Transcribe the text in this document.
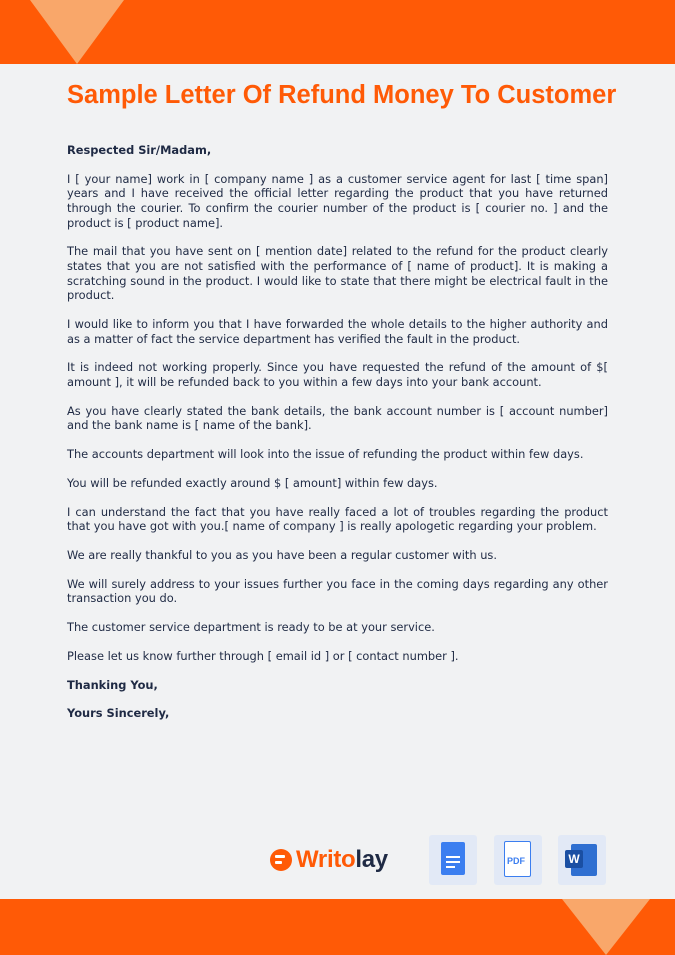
Sample Letter Of Refund Money To Customer

Respected Sir/Madam,

I [ your name] work in [ company name ] as a customer service agent for last [ time span] years and I have received the official letter regarding the product that you have returned through the courier. To confirm the courier number of the product is [ courier no. ] and the product is [ product name].

The mail that you have sent on [ mention date] related to the refund for the product clearly states that you are not satisfied with the performance of [ name of product]. It is making a scratching sound in the product. I would like to state that there might be electrical fault in the product.

I would like to inform you that I have forwarded the whole details to the higher authority and as a matter of fact the service department has verified the fault in the product.

It is indeed not working properly. Since you have requested the refund of the amount of $[ amount ], it will be refunded back to you within a few days into your bank account.

As you have clearly stated the bank details, the bank account number is [ account number] and the bank name is [ name of the bank].

The accounts department will look into the issue of refunding the product within few days.

You will be refunded exactly around $ [ amount] within few days.

I can understand the fact that you have really faced a lot of troubles regarding the product that you have got with you.[ name of company ] is really apologetic regarding your problem.

We are really thankful to you as you have been a regular customer with us.

We will surely address to your issues further you face in the coming days regarding any other transaction you do.

The customer service department is ready to be at your service.

Please let us know further through [ email id ] or [ contact number ].

Thanking You,

Yours Sincerely,

Writolay	PDF	W
